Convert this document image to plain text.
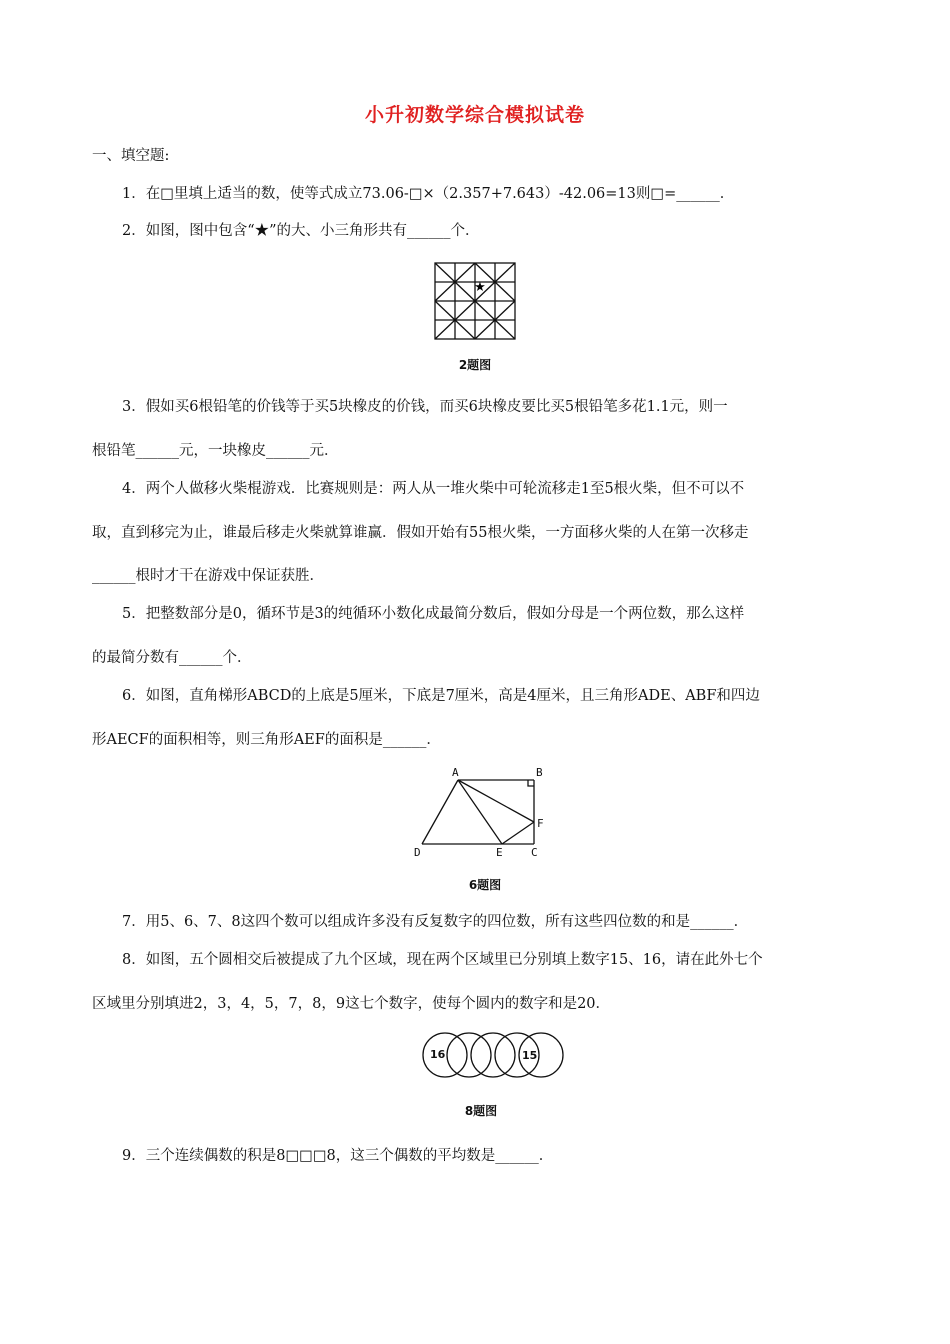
小升初数学综合模拟试卷
一、填空题:
1．在□里填上适当的数，使等式成立73.06-□×（2.357+7.643）-42.06=13则□=______．
2．如图，图中包含“★”的大、小三角形共有______个．
★
2题图
3．假如买6根铅笔的价钱等于买5块橡皮的价钱，而买6块橡皮要比买5根铅笔多花1.1元，则一
根铅笔______元，一块橡皮______元．
4．两个人做移火柴棍游戏．比赛规则是：两人从一堆火柴中可轮流移走1至5根火柴，但不可以不
取，直到移完为止，谁最后移走火柴就算谁赢．假如开始有55根火柴，一方面移火柴的人在第一次移走
______根时才干在游戏中保证获胜．
5．把整数部分是0，循环节是3的纯循环小数化成最简分数后，假如分母是一个两位数，那么这样
的最简分数有______个．
6．如图，直角梯形ABCD的上底是5厘米，下底是7厘米，高是4厘米，且三角形ADE、ABF和四边
形AECF的面积相等，则三角形AEF的面积是______．
A	B
F
D	E	C
6题图
7．用5、6、7、8这四个数可以组成许多没有反复数字的四位数，所有这些四位数的和是______．
8．如图，五个圆相交后被提成了九个区域，现在两个区域里已分别填上数字15、16，请在此外七个
区域里分别填进2，3，4，5，7，8，9这七个数字，使每个圆内的数字和是20．
16	15
8题图
9．三个连续偶数的积是8□□□8，这三个偶数的平均数是______．
